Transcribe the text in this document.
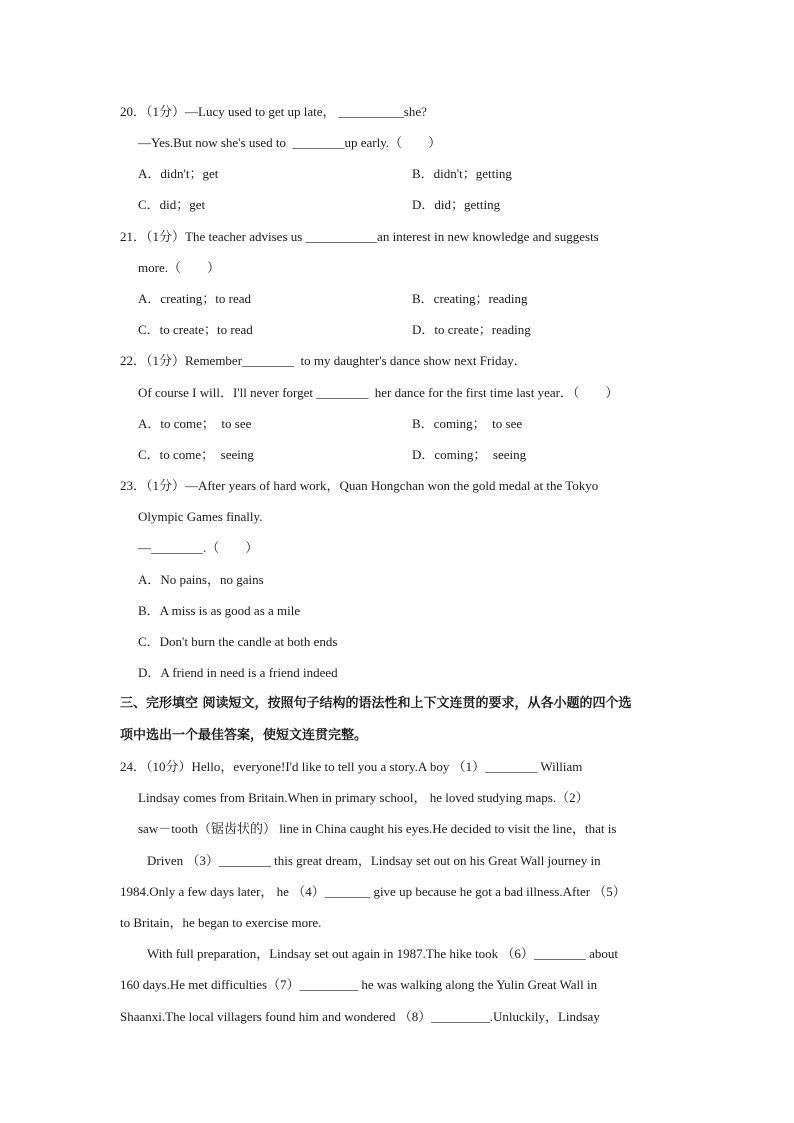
20．（1分）—Lucy used to get up late， __________she?
—Yes.But now she's used to  ________up early.（　　）
A．didn't；get	B．didn't；getting
C．did；get	D．did；getting
21．（1分）The teacher advises us ___________an interest in new knowledge and suggests
more.（　　）
A．creating；to read	B．creating；reading
C．to create；to read	D．to create；reading
22．（1分）Remember________  to my daughter's dance show next Friday．
Of course I will．I'll never forget ________  her dance for the first time last year．（　　）
A．to come；  to see	B．coming；  to see
C．to come；  seeing	D．coming；  seeing
23．（1分）—After years of hard work，Quan Hongchan won the gold medal at the Tokyo
Olympic Games finally.
—________.（　　）
A．No pains，no gains
B．A miss is as good as a mile
C．Don't burn the candle at both ends
D．A friend in need is a friend indeed
三、完形填空 阅读短文，按照句子结构的语法性和上下文连贯的要求，从各小题的四个选
项中选出一个最佳答案，使短文连贯完整。
24．（10分）Hello，everyone!I'd like to tell you a story.A boy （1）________ William
Lindsay comes from Britain.When in primary school， he loved studying maps.（2）
saw－tooth（锯齿状的） line in China caught his eyes.He decided to visit the line，that is
Driven （3）________ this great dream，Lindsay set out on his Great Wall journey in
1984.Only a few days later， he （4）_______ give up because he got a bad illness.After （5）
to Britain，he began to exercise more.
With full preparation，Lindsay set out again in 1987.The hike took （6）________ about
160 days.He met difficulties（7）_________ he was walking along the Yulin Great Wall in
Shaanxi.The local villagers found him and wondered （8）_________.Unluckily，Lindsay
